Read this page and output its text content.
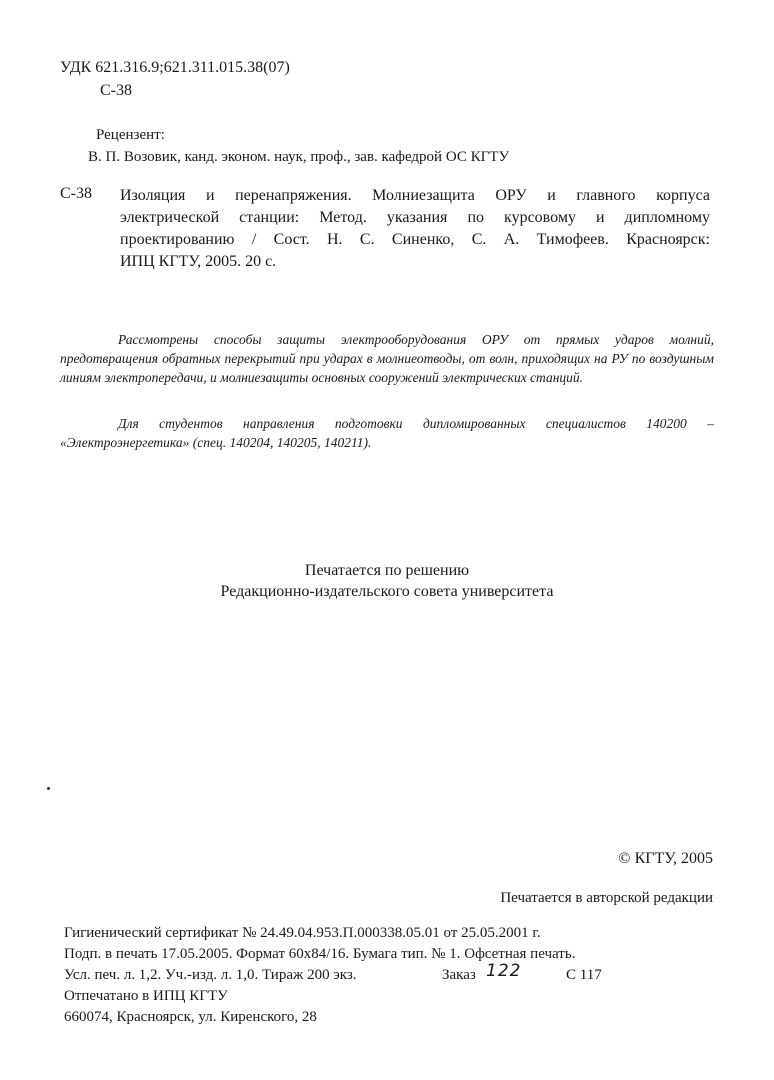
УДК 621.316.9;621.311.015.38(07)

С-38

Рецензент:

В. П. Возовик, канд. эконом. наук, проф., зав. кафедрой ОС КГТУ

С-38 Изоляция и перенапряжения. Молниезащита ОРУ и главного корпуса
электрической станции: Метод. указания по курсовому и дипломному
проектированию / Сост. Н. С. Синенко, С. А. Тимофеев. Красноярск:
ИПЦ КГТУ, 2005. 20 с.

Рассмотрены способы защиты электрооборудования ОРУ от прямых ударов молний, предотвращения обратных перекрытий при ударах в молниеотводы, от волн, приходящих на РУ по воздушным линиям электропередачи, и молниезащиты основных сооружений электрических станций.

Для студентов направления подготовки дипломированных специалистов 140200 – «Электроэнергетика» (спец. 140204, 140205, 140211).

Печатается по решению

Редакционно-издательского совета университета

© КГТУ, 2005

Печатается в авторской редакции

Гигиенический сертификат № 24.49.04.953.П.000338.05.01 от 25.05.2001 г.

Подп. в печать 17.05.2005. Формат 60х84/16. Бумага тип. № 1. Офсетная печать.

Усл. печ. л. 1,2. Уч.-изд. л. 1,0. Тираж 200 экз.	Заказ 122	С 117

Отпечатано в ИПЦ КГТУ

660074, Красноярск, ул. Киренского, 28
